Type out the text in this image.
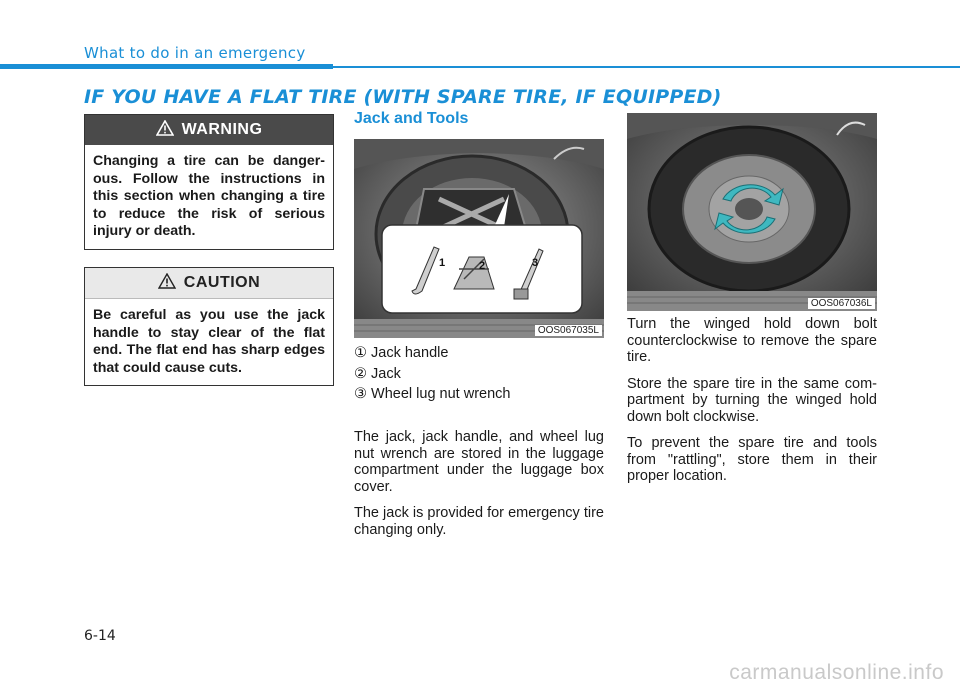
What to do in an emergency
IF YOU HAVE A FLAT TIRE (WITH SPARE TIRE, IF EQUIPPED)
WARNING
Changing a tire can be danger-ous. Follow the instructions in this section when changing a tire to reduce the risk of serious injury or death.
CAUTION
Be careful as you use the jack handle to stay clear of the flat end. The flat end has sharp edges that could cause cuts.
Jack and Tools
1	2	3
OOS067035L
① Jack handle
② Jack
③ Wheel lug nut wrench

The jack, jack handle, and wheel lug nut wrench are stored in the luggage compartment under the luggage box cover.

The jack is provided for emergency tire changing only.

OOS067036L

Turn the winged hold down bolt counterclockwise to remove the spare tire.

Store the spare tire in the same com-partment by turning the winged hold down bolt clockwise.

To prevent the spare tire and tools from "rattling", store them in their proper location.

6-14
carmanualsonline.info
